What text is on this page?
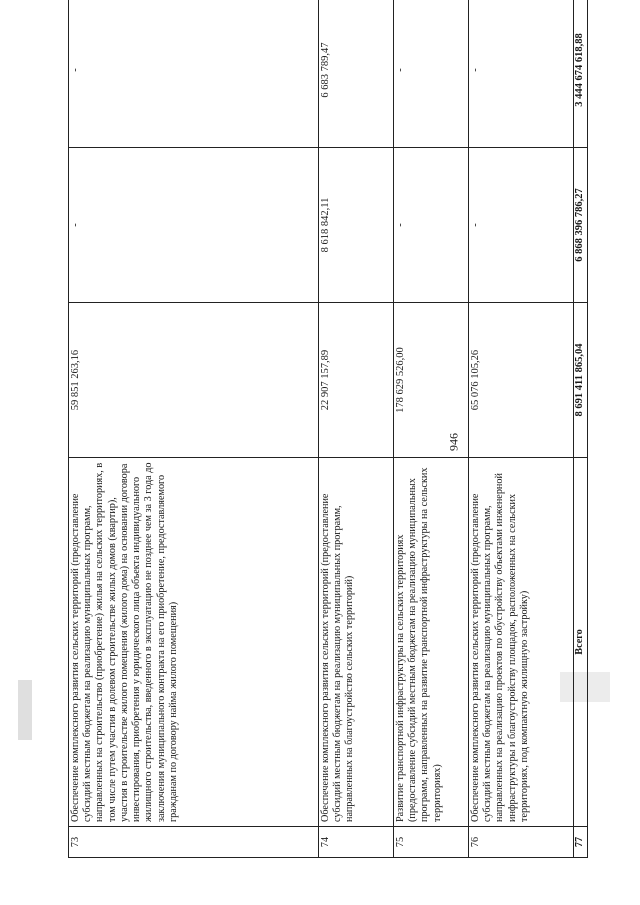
946
73	Обеспечение комплексного развития сельских территорий (предоставление субсидий местным бюджетам на реализацию муниципальных программ, направленных на строительство (приобретение) жилья на сельских территориях, в том числе путем участия в долевом строительстве жилых домов (квартир), участия в строительстве жилого помещения (жилого дома) на основании договора инвестирования, приобретения у юридического лица объекта индивидуального жилищного строительства, введенного в эксплуатацию не позднее чем за 3 года до заключения муниципального контракта на его приобретение, предоставляемого гражданам по договору найма жилого помещения)	59 851 263,16	-	-
74	Обеспечение комплексного развития сельских территорий (предоставление субсидий местным бюджетам на реализацию муниципальных программ, направленных на благоустройство сельских территорий)	22 907 157,89	8 618 842,11	6 683 789,47
75	Развитие транспортной инфраструктуры на сельских территориях (предоставление субсидий местным бюджетам на реализацию муниципальных программ, направленных на развитие транспортной инфраструктуры на сельских территориях)	178 629 526,00	-	-
76	Обеспечение комплексного развития сельских территорий (предоставление субсидий местным бюджетам на реализацию муниципальных программ, направленных на реализацию проектов по обустройству объектами инженерной инфраструктуры и благоустройству площадок, расположенных на сельских территориях, под компактную жилищную застройку)	65 076 105,26	-	-
77	Всего	8 691 411 865,04	6 868 396 786,27	3 444 674 618,88
